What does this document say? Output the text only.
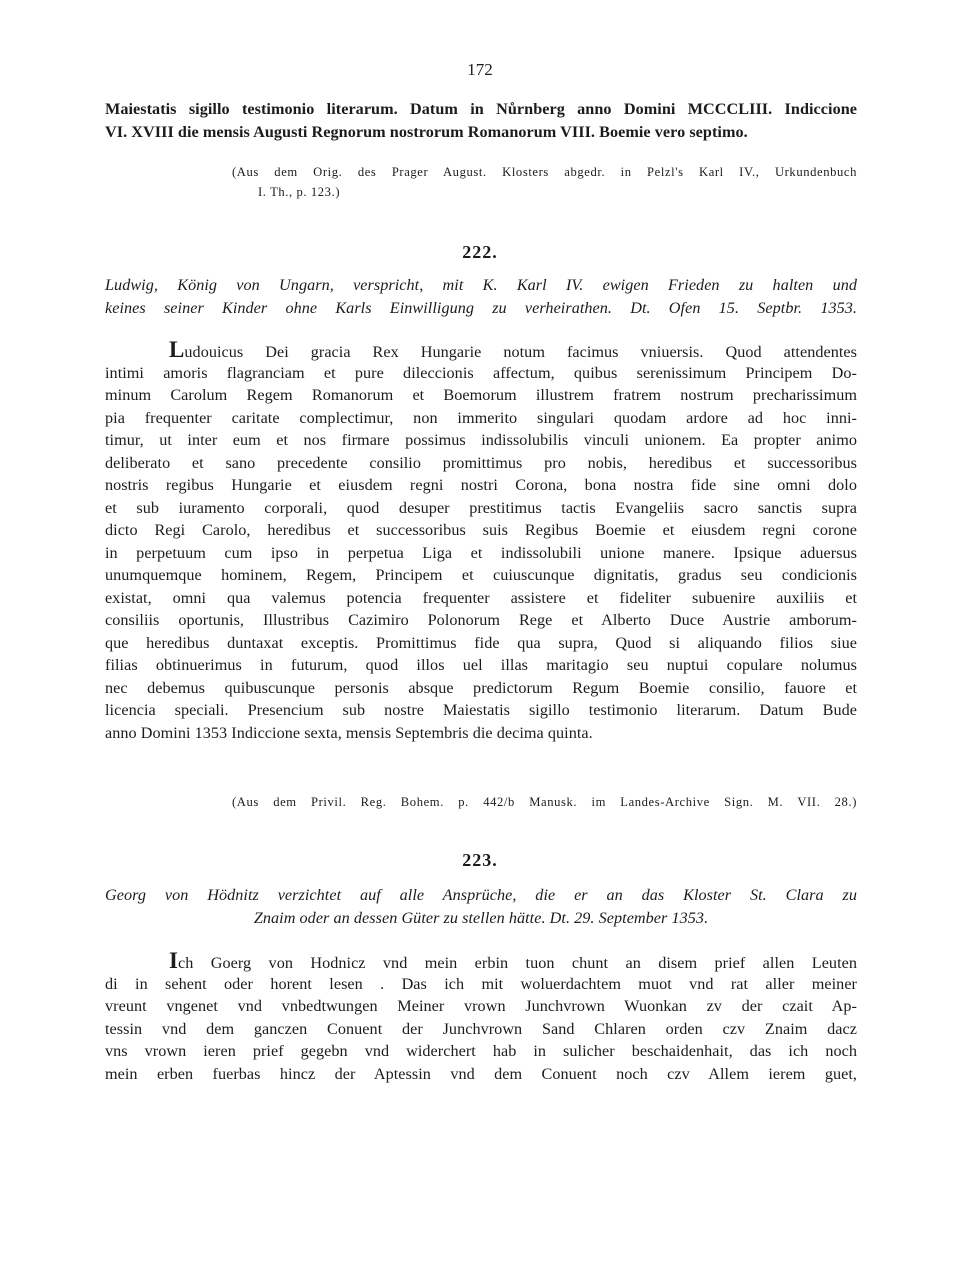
172
Maiestatis sigillo testimonio literarum. Datum in Nůrnberg anno Domini MCCCLIII. Indiccione
VI. XVIII die mensis Augusti Regnorum nostrorum Romanorum VIII. Boemie vero septimo.
(Aus dem Orig. des Prager August. Klosters abgedr. in Pelzl's Karl IV., Urkundenbuch
I. Th., p. 123.)
222.
Ludwig, König von Ungarn, verspricht, mit K. Karl IV. ewigen Frieden zu halten und
keines seiner Kinder ohne Karls Einwilligung zu verheirathen. Dt. Ofen 15. Septbr. 1353.
Ludouicus Dei gracia Rex Hungarie notum facimus vniuersis. Quod attendentes
intimi amoris flagranciam et pure dileccionis affectum, quibus serenissimum Principem Do-
minum Carolum Regem Romanorum et Boemorum illustrem fratrem nostrum precharissimum
pia frequenter caritate complectimur, non immerito singulari quodam ardore ad hoc inni-
timur, ut inter eum et nos firmare possimus indissolubilis vinculi unionem. Ea propter animo
deliberato et sano precedente consilio promittimus pro nobis, heredibus et successoribus
nostris regibus Hungarie et eiusdem regni nostri Corona, bona nostra fide sine omni dolo
et sub iuramento corporali, quod desuper prestitimus tactis Evangeliis sacro sanctis supra
dicto Regi Carolo, heredibus et successoribus suis Regibus Boemie et eiusdem regni corone
in perpetuum cum ipso in perpetua Liga et indissolubili unione manere. Ipsique aduersus
unumquemque hominem, Regem, Principem et cuiuscunque dignitatis, gradus seu condicionis
existat, omni qua valemus potencia frequenter assistere et fideliter subuenire auxiliis et
consiliis oportunis, Illustribus Cazimiro Polonorum Rege et Alberto Duce Austrie amborum-
que heredibus duntaxat exceptis. Promittimus fide qua supra, Quod si aliquando filios siue
filias obtinuerimus in futurum, quod illos uel illas maritagio seu nuptui copulare nolumus
nec debemus quibuscunque personis absque predictorum Regum Boemie consilio, fauore et
licencia speciali. Presencium sub nostre Maiestatis sigillo testimonio literarum. Datum Bude
anno Domini 1353 Indiccione sexta, mensis Septembris die decima quinta.
(Aus dem Privil. Reg. Bohem. p. 442/b Manusk. im Landes-Archive Sign. M. VII. 28.)
223.
Georg von Hödnitz verzichtet auf alle Ansprüche, die er an das Kloster St. Clara zu
Znaim oder an dessen Güter zu stellen hätte. Dt. 29. September 1353.
Ich Goerg von Hodnicz vnd mein erbin tuon chunt an disem prief allen Leuten
di in sehent oder horent lesen . Das ich mit woluerdachtem muot vnd rat aller meiner
vreunt vngenet vnd vnbedtwungen Meiner vrown Junchvrown Wuonkan zv der czait Ap-
tessin vnd dem ganczen Conuent der Junchvrown Sand Chlaren orden czv Znaim dacz
vns vrown ieren prief gegebn vnd widerchert hab in sulicher beschaidenhait, das ich noch
mein erben fuerbas hincz der Aptessin vnd dem Conuent noch czv Allem ierem guet,
